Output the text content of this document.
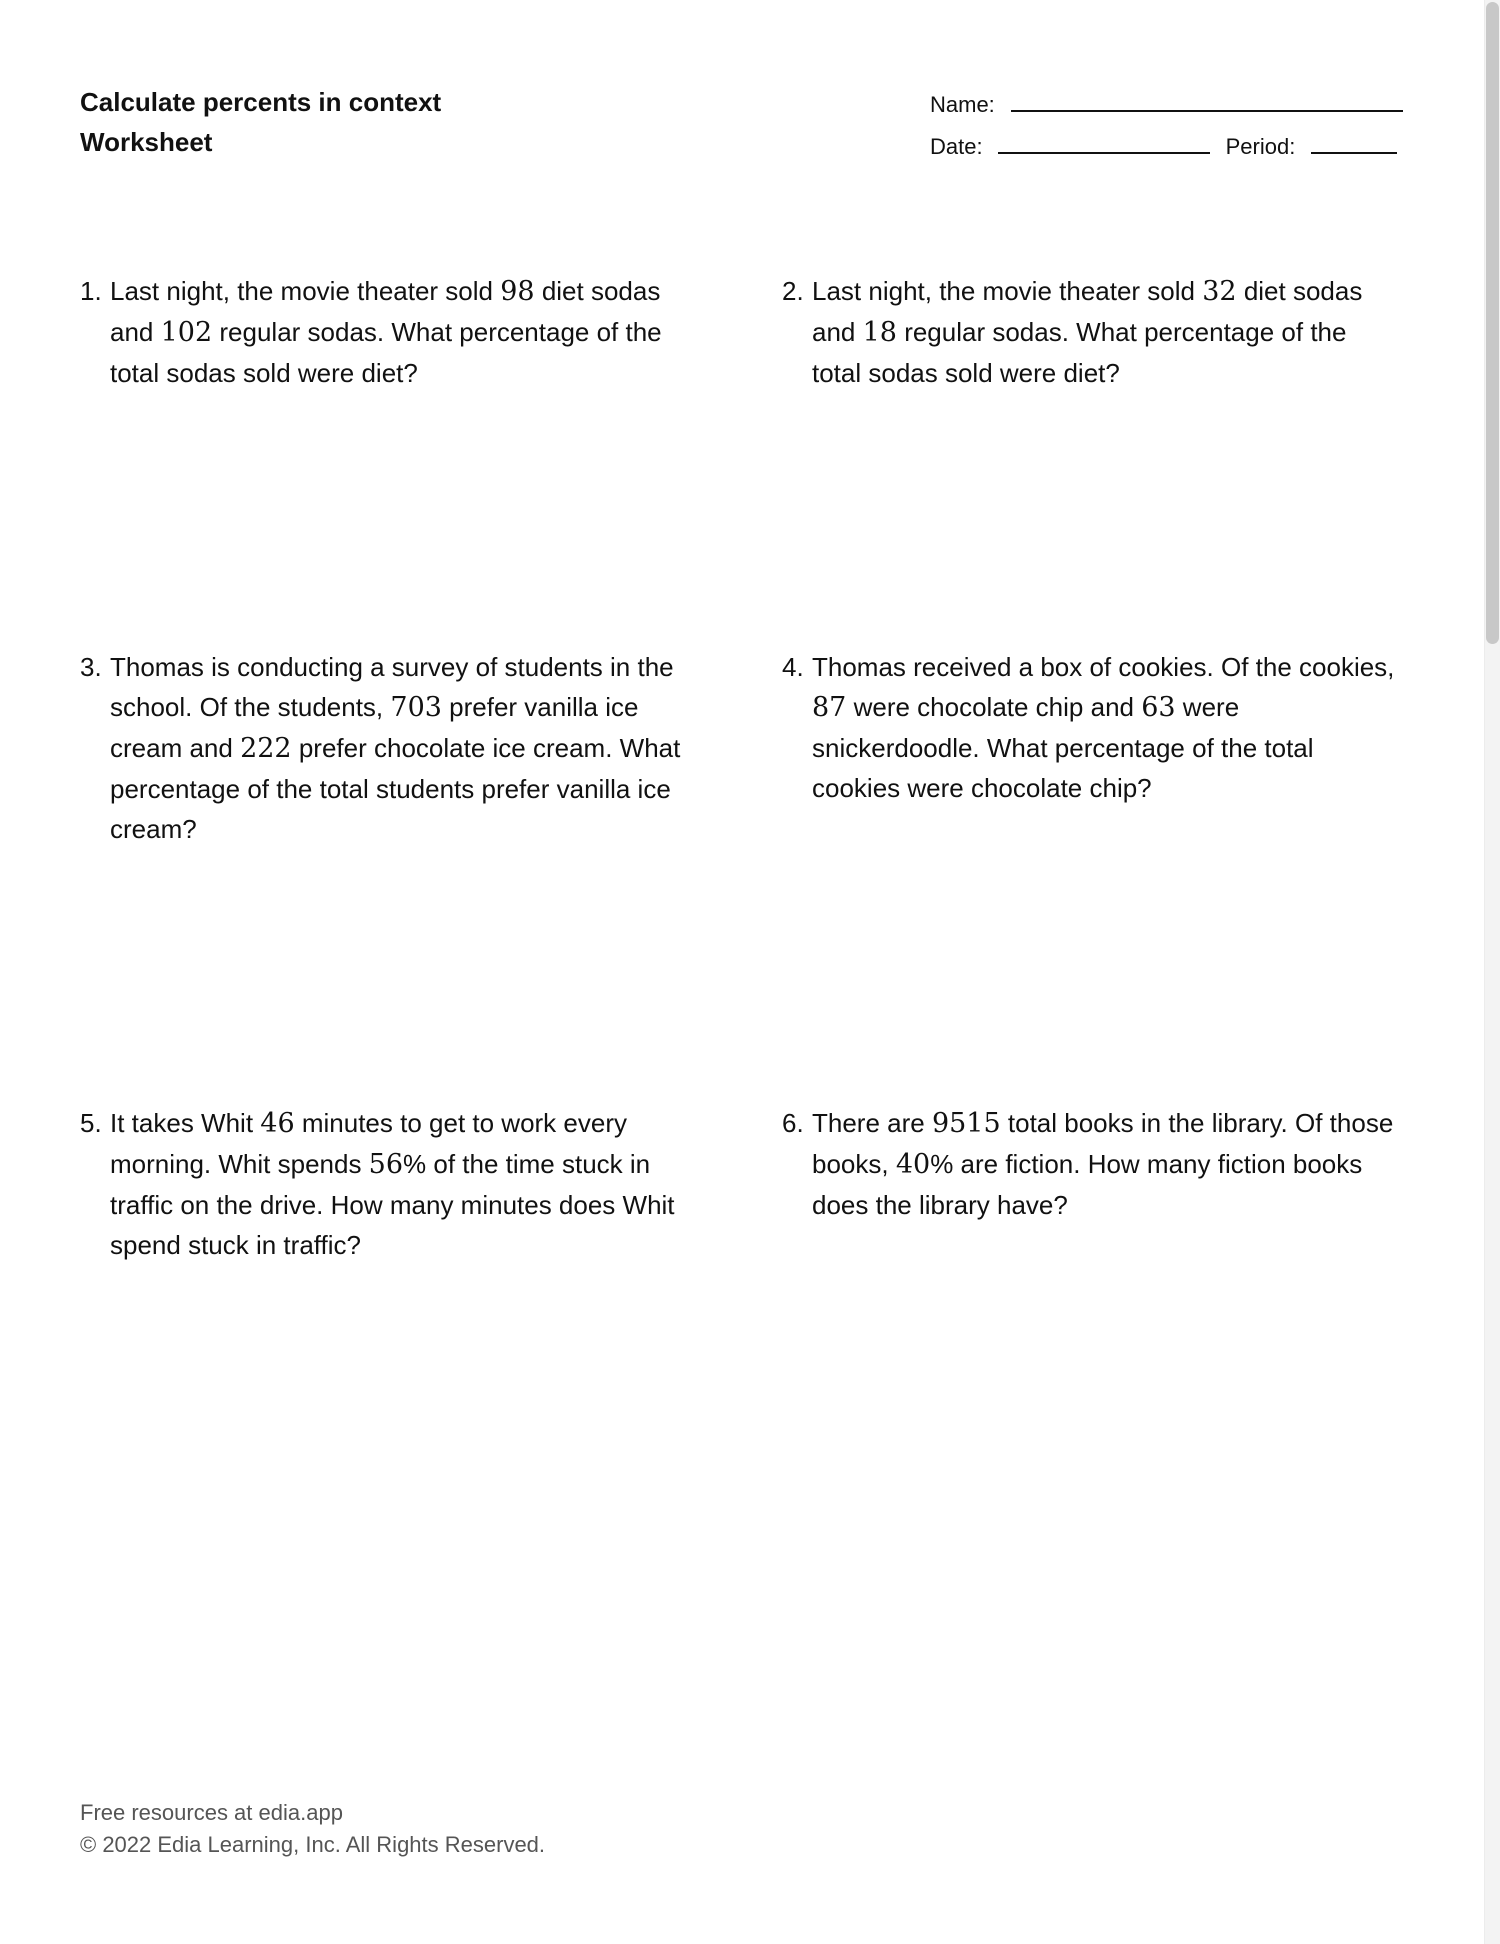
Calculate percents in context
Worksheet
Name:
Date:	Period:
1. Last night, the movie theater sold 98 diet sodas and 102 regular sodas. What percentage of the total sodas sold were diet?
2. Last night, the movie theater sold 32 diet sodas and 18 regular sodas. What percentage of the total sodas sold were diet?
3. Thomas is conducting a survey of students in the school. Of the students, 703 prefer vanilla ice cream and 222 prefer chocolate ice cream. What percentage of the total students prefer vanilla ice cream?
4. Thomas received a box of cookies. Of the cookies, 87 were chocolate chip and 63 were snickerdoodle. What percentage of the total cookies were chocolate chip?
5. It takes Whit 46 minutes to get to work every morning. Whit spends 56% of the time stuck in traffic on the drive. How many minutes does Whit spend stuck in traffic?
6. There are 9515 total books in the library. Of those books, 40% are fiction. How many fiction books does the library have?
Free resources at edia.app
© 2022 Edia Learning, Inc. All Rights Reserved.
